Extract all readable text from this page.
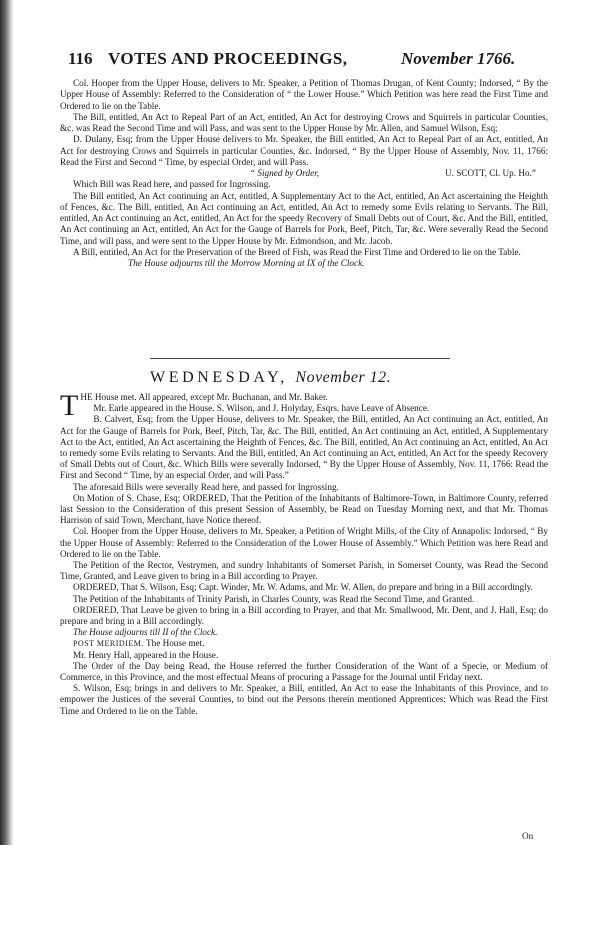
116 VOTES AND PROCEEDINGS,	November 1766.

Col. Hooper from the Upper House, delivers to Mr. Speaker, a Petition of Thomas Drugan, of Kent County; Indorsed, “ By the Upper House of Assembly: Referred to the Consideration of “ the Lower House.” Which Petition was here read the First Time and Ordered to lie on the Table.

The Bill, entitled, An Act to Repeal Part of an Act, entitled, An Act for destroying Crows and Squirrels in particular Counties, &c. was Read the Second Time and will Pass, and was sent to the Upper House by Mr. Allen, and Samuel Wilson, Esq;

D. Dulany, Esq; from the Upper House delivers to Mr. Speaker, the Bill entitled, An Act to Repeal Part of an Act, entitled, An Act for destroying Crows and Squirrels in particular Counties, &c. Indorsed, “ By the Upper House of Assembly, Nov. 11, 1766: Read the First and Second “ Time, by especial Order, and will Pass.

“ Signed by Order,	U. SCOTT, Cl. Up. Ho.”

Which Bill was Read here, and passed for Ingrossing.

The Bill entitled, An Act continuing an Act, entitled, A Supplementary Act to the Act, entitled, An Act ascertaining the Heighth of Fences, &c. The Bill, entitled, An Act continuing an Act, entitled, An Act to remedy some Evils relating to Servants. The Bill, entitled, An Act continuing an Act, entitled, An Act for the speedy Recovery of Small Debts out of Court, &c. And the Bill, entitled, An Act continuing an Act, entitled, An Act for the Gauge of Barrels for Pork, Beef, Pitch, Tar, &c. Were severally Read the Second Time, and will pass, and were sent to the Upper House by Mr. Edmondson, and Mr. Jacob.

A Bill, entitled, An Act for the Preservation of the Breed of Fish, was Read the First Time and Ordered to lie on the Table.

The House adjourns till the Morrow Morning at IX of the Clock.

WEDNESDAY, November 12.

THE House met. All appeared, except Mr. Buchanan, and Mr. Baker.

Mr. Earle appeared in the House. S. Wilson, and J. Holyday, Esqrs. have Leave of Absence.

B. Calvert, Esq; from the Upper House, delivers to Mr. Speaker, the Bill, entitled, An Act continuing an Act, entitled, An Act for the Gauge of Barrels for Pork, Beef, Pitch, Tar, &c. The Bill, entitled, An Act continuing an Act, entitled, A Supplementary Act to the Act, entitled, An Act ascertaining the Heighth of Fences, &c. The Bill, entitled, An Act continuing an Act, entitled, An Act to remedy some Evils relating to Servants. And the Bill, entitled, An Act continuing an Act, entitled, An Act for the speedy Recovery of Small Debts out of Court, &c. Which Bills were severally Indorsed, “ By the Upper House of Assembly, Nov. 11, 1766: Read the First and Second “ Time, by an especial Order, and will Pass.”

The aforesaid Bills were severally Read here, and passed for Ingrossing.

On Motion of S. Chase, Esq; ORDERED, That the Petition of the Inhabitants of Baltimore-Town, in Baltimore County, referred last Session to the Consideration of this present Session of Assembly, be Read on Tuesday Morning next, and that Mr. Thomas Harrison of said Town, Merchant, have Notice thereof.

Col. Hooper from the Upper House, delivers to Mr. Speaker, a Petition of Wright Mills, of the City of Annapolis: Indorsed, “ By the Upper House of Assembly: Referred to the Consideration of the Lower House of Assembly.” Which Petition was here Read and Ordered to lie on the Table.

The Petition of the Rector, Vestrymen, and sundry Inhabitants of Somerset Parish, in Somerset County, was Read the Second Time, Granted, and Leave given to bring in a Bill according to Prayer.

ORDERED, That S. Wilson, Esq; Capt. Winder, Mr. W. Adams, and Mr. W. Allen, do prepare and bring in a Bill accordingly.

The Petition of the Inhabitants of Trinity Parish, in Charles County, was Read the Second Time, and Granted.

ORDERED, That Leave be given to bring in a Bill according to Prayer, and that Mr. Smallwood, Mr. Dent, and J. Hall, Esq; do prepare and bring in a Bill accordingly.

The House adjourns till II of the Clock.

POST MERIDIEM. The House met.

Mr. Henry Hall, appeared in the House.

The Order of the Day being Read, the House referred the further Consideration of the Want of a Specie, or Medium of Commerce, in this Province, and the most effectual Means of procuring a Passage for the Journal until Friday next.

S. Wilson, Esq; brings in and delivers to Mr. Speaker, a Bill, entitled, An Act to ease the Inhabitants of this Province, and to empower the Justices of the several Counties, to bind out the Persons therein mentioned Apprentices: Which was Read the First Time and Ordered to lie on the Table.

On
